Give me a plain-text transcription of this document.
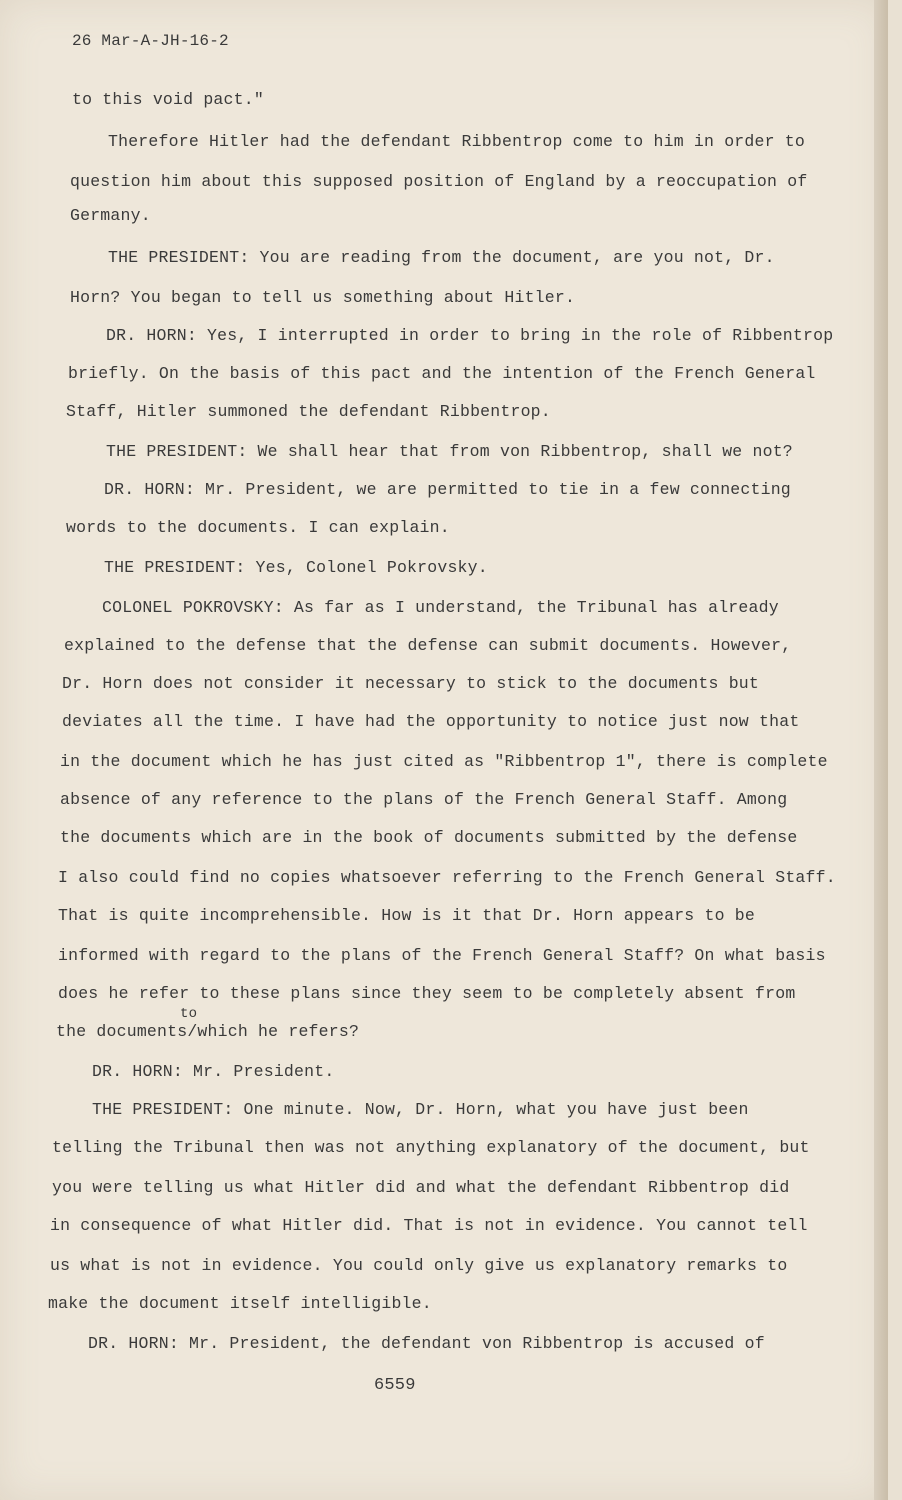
26 Mar-A-JH-16-2
to this void pact."
Therefore Hitler had the defendant Ribbentrop come to him in order to
question him about this supposed position of England by a reoccupation of
Germany.
THE PRESIDENT: You are reading from the document, are you not, Dr.
Horn? You began to tell us something about Hitler.
DR. HORN: Yes, I interrupted in order to bring in the role of Ribbentrop
briefly. On the basis of this pact and the intention of the French General
Staff, Hitler summoned the defendant Ribbentrop.
THE PRESIDENT: We shall hear that from von Ribbentrop, shall we not?
DR. HORN: Mr. President, we are permitted to tie in a few connecting
words to the documents. I can explain.
THE PRESIDENT: Yes, Colonel Pokrovsky.
COLONEL POKROVSKY: As far as I understand, the Tribunal has already
explained to the defense that the defense can submit documents. However,
Dr. Horn does not consider it necessary to stick to the documents but
deviates all the time. I have had the opportunity to notice just now that
in the document which he has just cited as "Ribbentrop 1", there is complete
absence of any reference to the plans of the French General Staff. Among
the documents which are in the book of documents submitted by the defense
I also could find no copies whatsoever referring to the French General Staff.
That is quite incomprehensible. How is it that Dr. Horn appears to be
informed with regard to the plans of the French General Staff? On what basis
does he refer to these plans since they seem to be completely absent from
to
the documents/which he refers?
DR. HORN: Mr. President.
THE PRESIDENT: One minute. Now, Dr. Horn, what you have just been
telling the Tribunal then was not anything explanatory of the document, but
you were telling us what Hitler did and what the defendant Ribbentrop did
in consequence of what Hitler did. That is not in evidence. You cannot tell
us what is not in evidence. You could only give us explanatory remarks to
make the document itself intelligible.
DR. HORN: Mr. President, the defendant von Ribbentrop is accused of
6559
